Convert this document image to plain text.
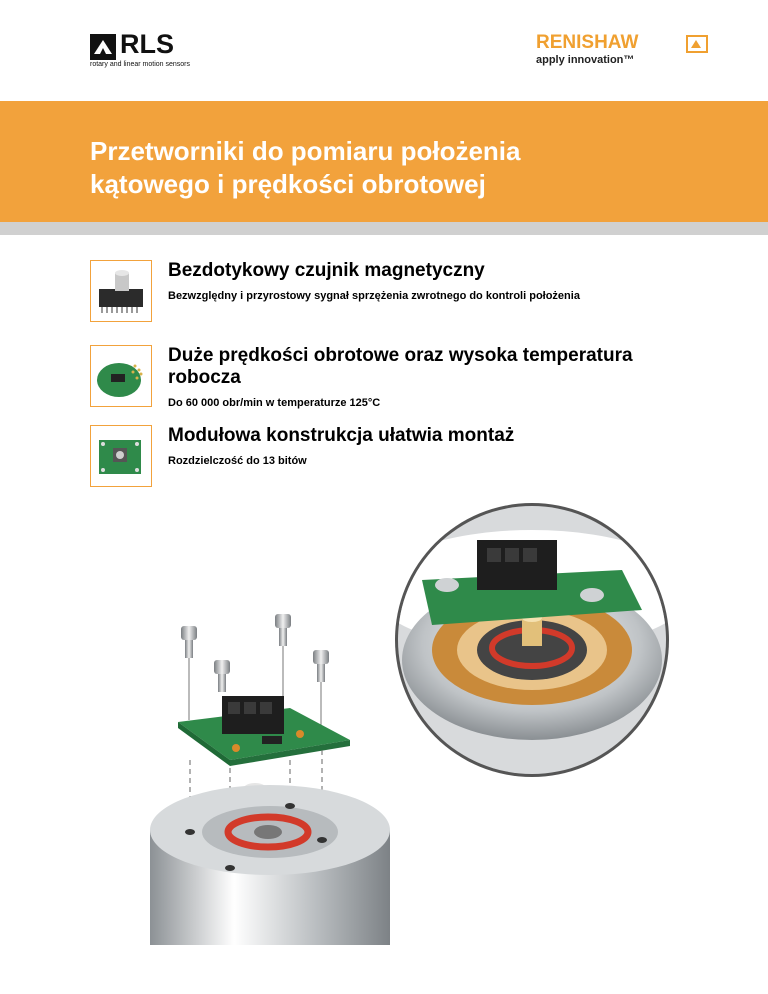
RLS
rotary and linear motion sensors
RENISHAW
apply innovation™
Przetworniki do pomiaru położenia
kątowego i prędkości obrotowej
Bezdotykowy czujnik magnetyczny
Bezwzględny i przyrostowy sygnał sprzężenia zwrotnego do kontroli położenia
Duże prędkości obrotowe oraz wysoka temperatura robocza
Do 60 000 obr/min w temperaturze 125°C
Modułowa konstrukcja ułatwia montaż
Rozdzielczość do 13 bitów
